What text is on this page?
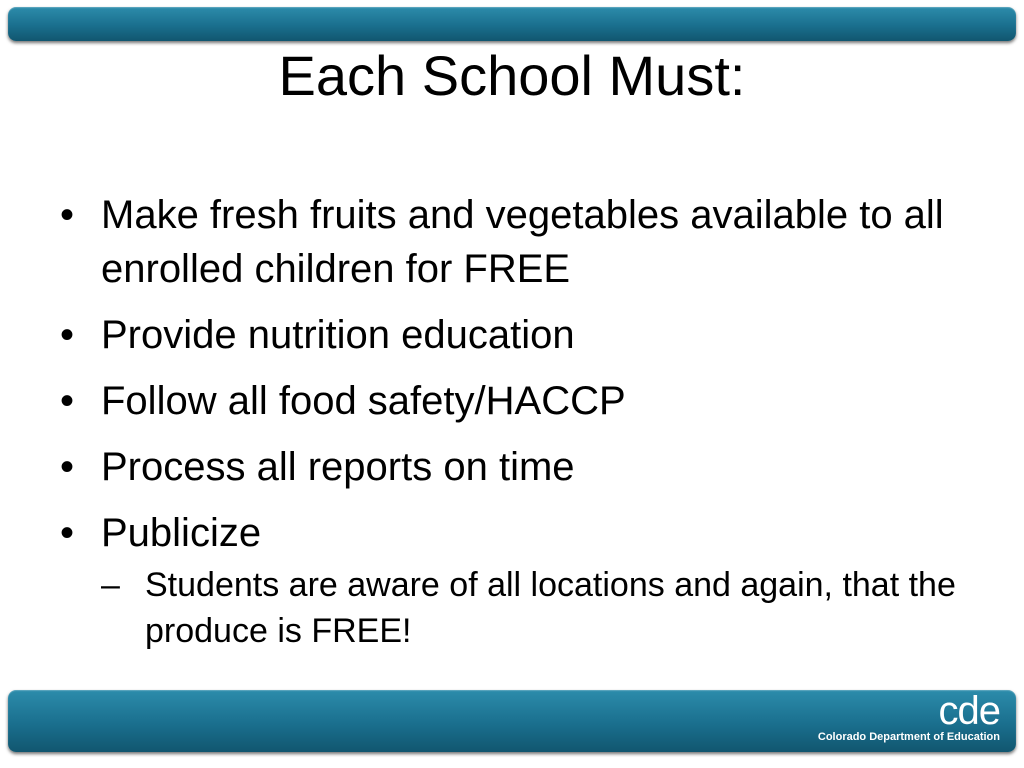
Each School Must:
• Make fresh fruits and vegetables available to all enrolled children for FREE
• Provide nutrition education
• Follow all food safety/HACCP
• Process all reports on time
• Publicize
– Students are aware of all locations and again, that the produce is FREE!
cde
Colorado Department of Education
